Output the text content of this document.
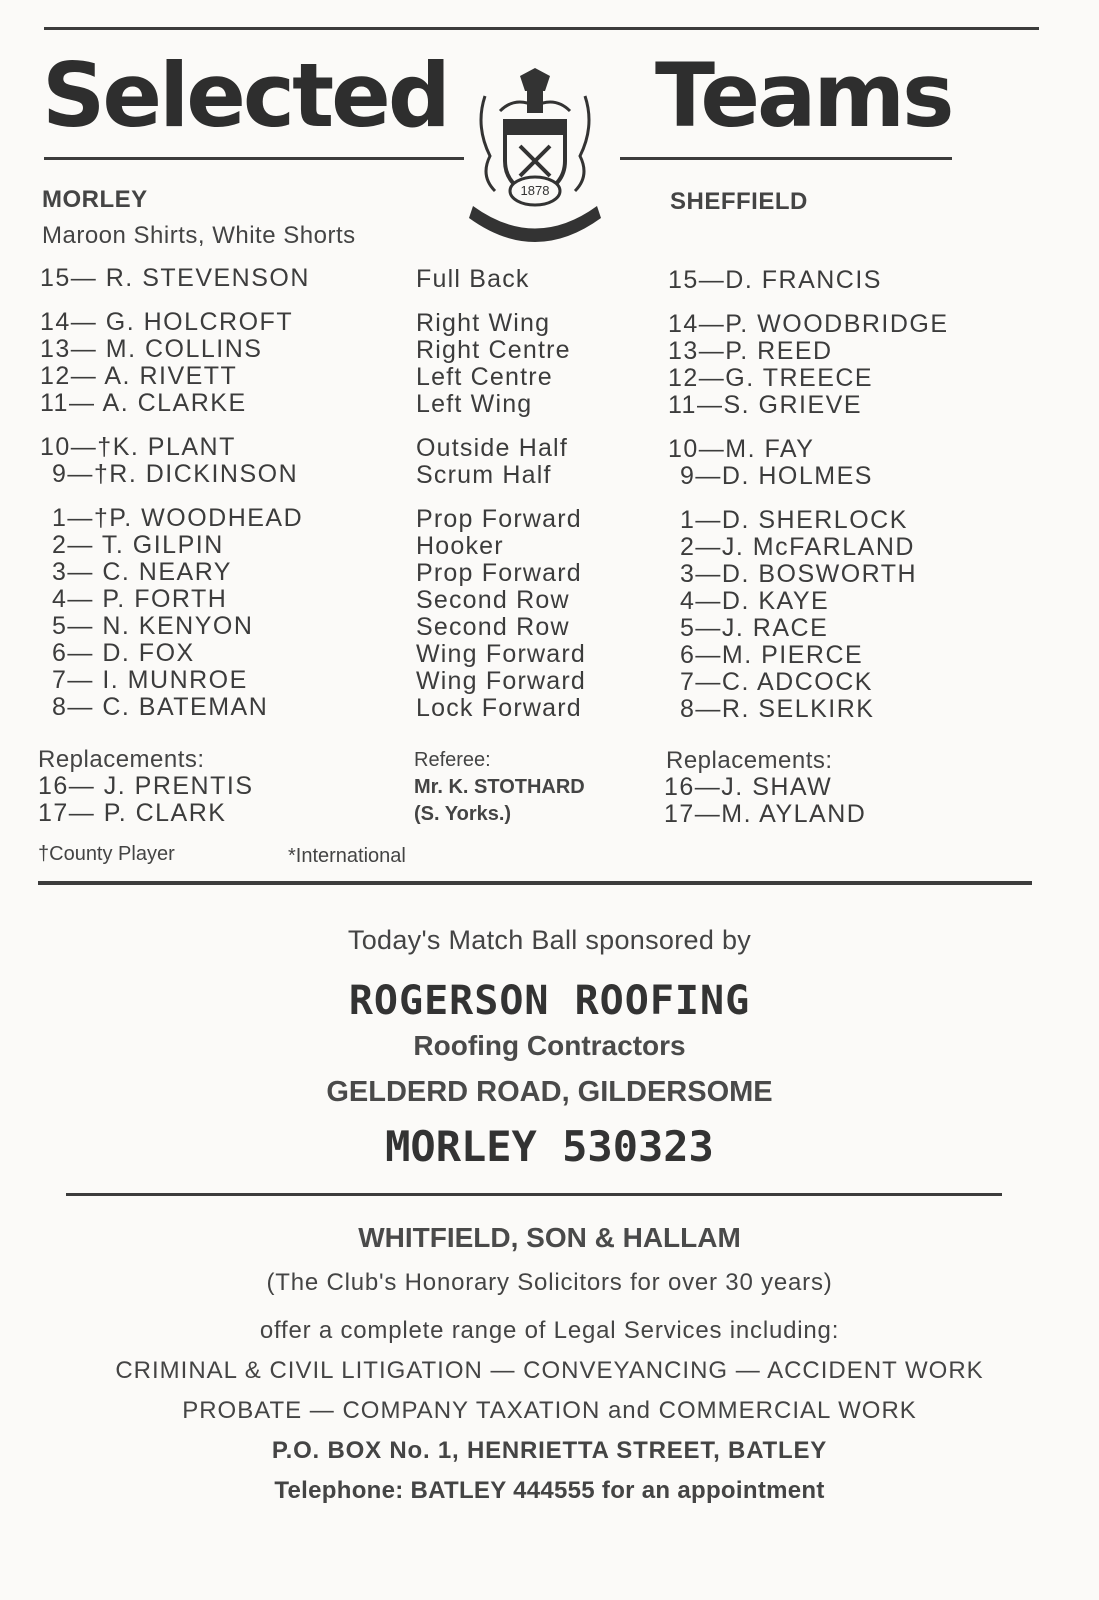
Selected Teams
1878
MORLEY
Maroon Shirts, White Shorts
SHEFFIELD
15— R. STEVENSON
14— G. HOLCROFT
13— M. COLLINS
12— A. RIVETT
11— A. CLARKE
10—†K. PLANT
9—†R. DICKINSON
1—†P. WOODHEAD
2— T. GILPIN
3— C. NEARY
4— P. FORTH
5— N. KENYON
6— D. FOX
7— I. MUNROE
8— C. BATEMAN
Full Back
Right Wing
Right Centre
Left Centre
Left Wing
Outside Half
Scrum Half
Prop Forward
Hooker
Prop Forward
Second Row
Second Row
Wing Forward
Wing Forward
Lock Forward
15—D. FRANCIS
14—P. WOODBRIDGE
13—P. REED
12—G. TREECE
11—S. GRIEVE
10—M. FAY
9—D. HOLMES
1—D. SHERLOCK
2—J. McFARLAND
3—D. BOSWORTH
4—D. KAYE
5—J. RACE
6—M. PIERCE
7—C. ADCOCK
8—R. SELKIRK
Replacements:
16— J. PRENTIS
17— P. CLARK
Referee:
Mr. K. STOTHARD
(S. Yorks.)
Replacements:
16—J. SHAW
17—M. AYLAND
†County Player	*International
Today's Match Ball sponsored by
ROGERSON ROOFING
Roofing Contractors
GELDERD ROAD, GILDERSOME
MORLEY 530323
WHITFIELD, SON & HALLAM
(The Club's Honorary Solicitors for over 30 years)
offer a complete range of Legal Services including:
CRIMINAL & CIVIL LITIGATION — CONVEYANCING — ACCIDENT WORK
PROBATE — COMPANY TAXATION and COMMERCIAL WORK
P.O. BOX No. 1, HENRIETTA STREET, BATLEY
Telephone: BATLEY 444555 for an appointment
